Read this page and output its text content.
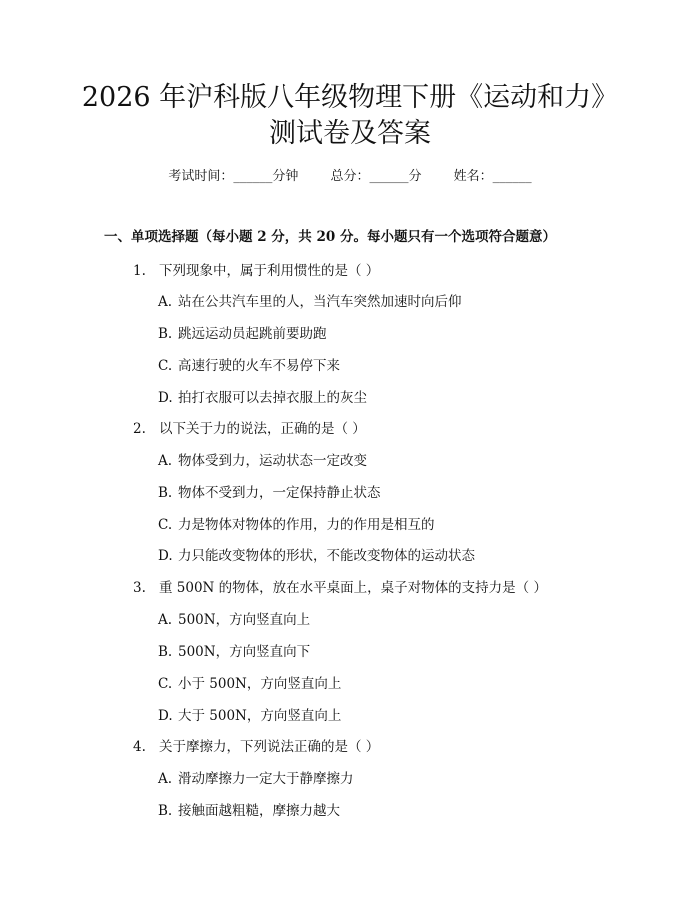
2026 年沪科版八年级物理下册《运动和力》
测试卷及答案
考试时间：______分钟 总分：______分 姓名：______
一、单项选择题（每小题 2 分，共 20 分。每小题只有一个选项符合题意）
1. 下列现象中，属于利用惯性的是（ ）
A. 站在公共汽车里的人，当汽车突然加速时向后仰
B. 跳远运动员起跳前要助跑
C. 高速行驶的火车不易停下来
D. 拍打衣服可以去掉衣服上的灰尘
2. 以下关于力的说法，正确的是（ ）
A. 物体受到力，运动状态一定改变
B. 物体不受到力，一定保持静止状态
C. 力是物体对物体的作用，力的作用是相互的
D. 力只能改变物体的形状，不能改变物体的运动状态
3. 重 500N 的物体，放在水平桌面上，桌子对物体的支持力是（ ）
A. 500N，方向竖直向上
B. 500N，方向竖直向下
C. 小于 500N，方向竖直向上
D. 大于 500N，方向竖直向上
4. 关于摩擦力，下列说法正确的是（ ）
A. 滑动摩擦力一定大于静摩擦力
B. 接触面越粗糙，摩擦力越大
